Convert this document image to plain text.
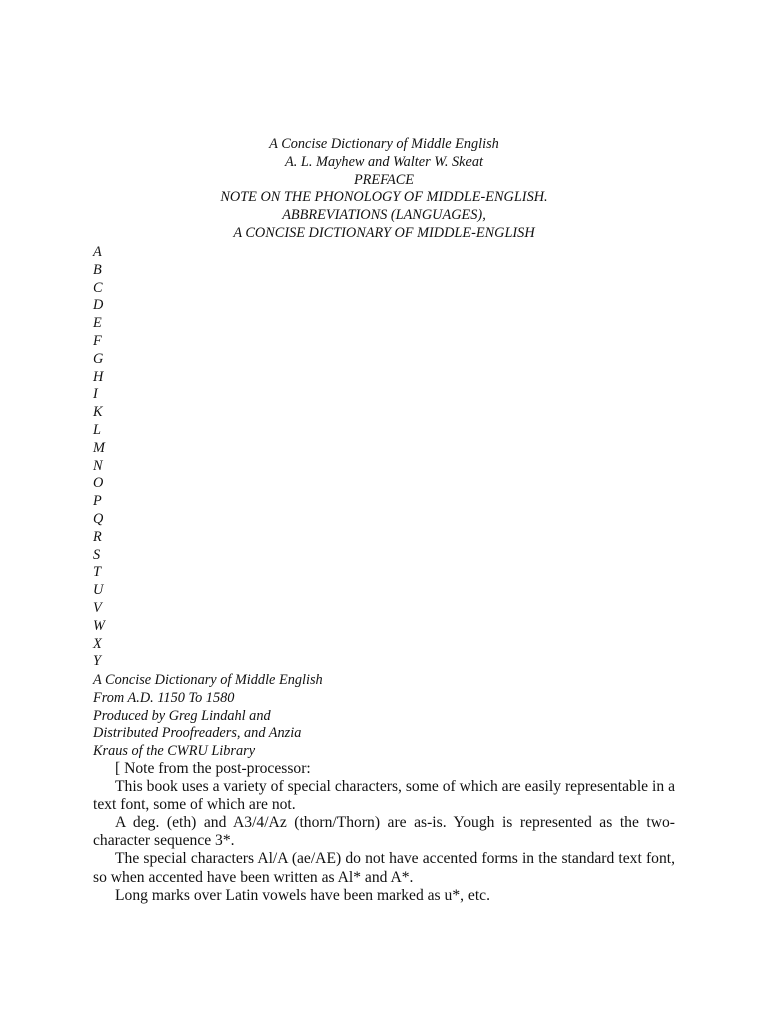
A Concise Dictionary of Middle English
A. L. Mayhew and Walter W. Skeat
PREFACE
NOTE ON THE PHONOLOGY OF MIDDLE-ENGLISH.
ABBREVIATIONS (LANGUAGES),
A CONCISE DICTIONARY OF MIDDLE-ENGLISH
A
B
C
D
E
F
G
H
I
K
L
M
N
O
P
Q
R
S
T
U
V
W
X
Y
A Concise Dictionary of Middle English
From A.D. 1150 To 1580
Produced by Greg Lindahl and
Distributed Proofreaders, and Anzia
Kraus of the CWRU Library

[ Note from the post-processor:

This book uses a variety of special characters, some of which are easily representable in a text font, some of which are not.

A deg. (eth) and A3/4/Az (thorn/Thorn) are as-is. Yough is represented as the two-character sequence 3*.

The special characters Al/A (ae/AE) do not have accented forms in the standard text font, so when accented have been written as Al* and A*.

Long marks over Latin vowels have been marked as u*, etc.
